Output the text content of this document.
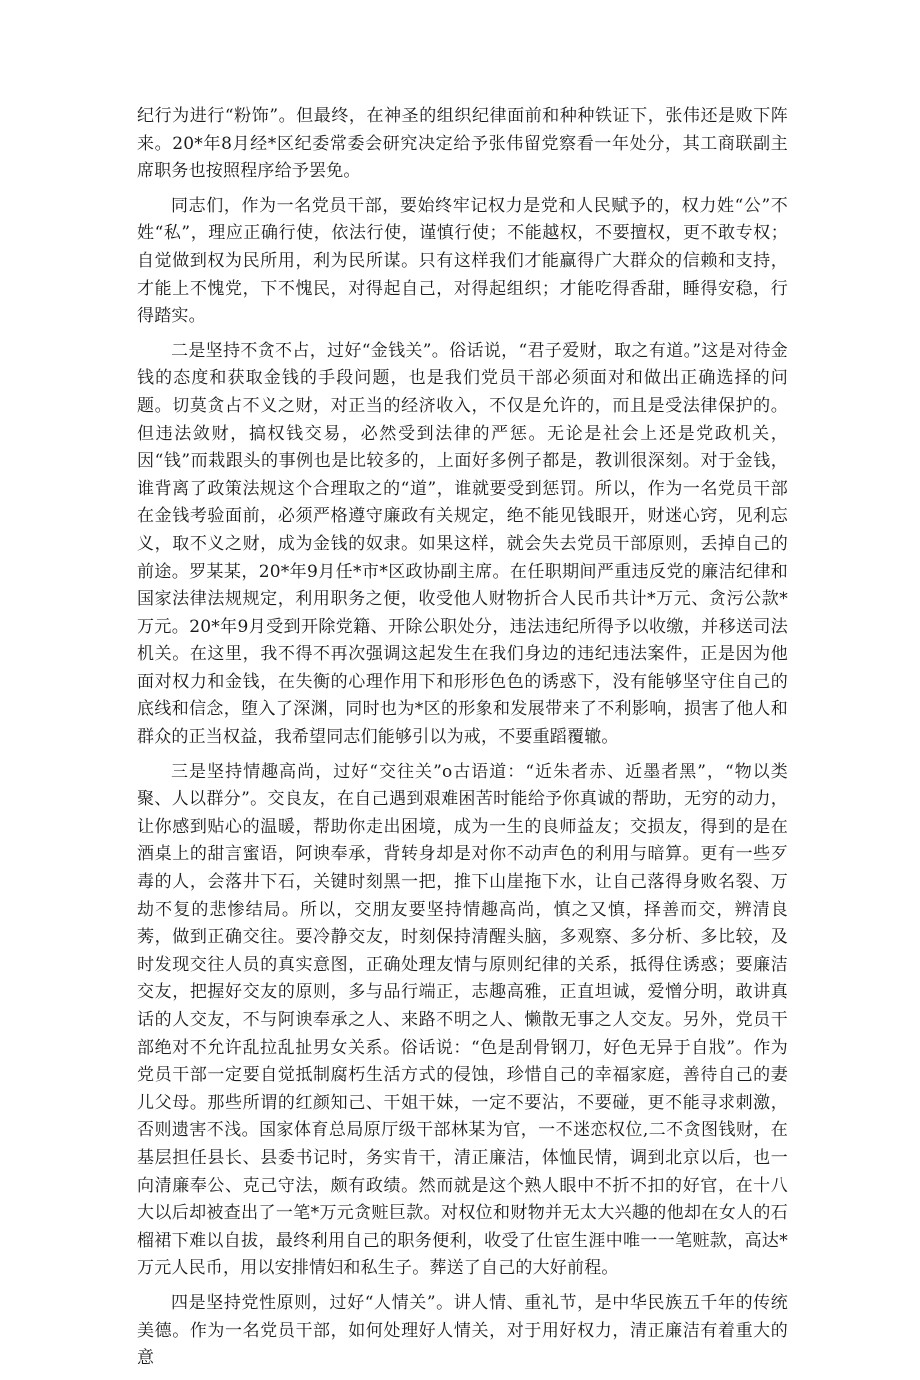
纪行为进行“粉饰”。但最终，在神圣的组织纪律面前和种种铁证下，张伟还是败下阵来。20*年8月经*区纪委常委会研究决定给予张伟留党察看一年处分，其工商联副主席职务也按照程序给予罢免。

同志们，作为一名党员干部，要始终牢记权力是党和人民赋予的，权力姓“公”不姓“私”，理应正确行使，依法行使，谨慎行使；不能越权，不要擅权，更不敢专权；自觉做到权为民所用，利为民所谋。只有这样我们才能赢得广大群众的信赖和支持，才能上不愧党，下不愧民，对得起自己，对得起组织；才能吃得香甜，睡得安稳，行得踏实。

二是坚持不贪不占，过好“金钱关”。俗话说，“君子爱财，取之有道。”这是对待金钱的态度和获取金钱的手段问题，也是我们党员干部必须面对和做出正确选择的问题。切莫贪占不义之财，对正当的经济收入，不仅是允许的，而且是受法律保护的。但违法敛财，搞权钱交易，必然受到法律的严惩。无论是社会上还是党政机关，因“钱”而栽跟头的事例也是比较多的，上面好多例子都是，教训很深刻。对于金钱，谁背离了政策法规这个合理取之的“道”，谁就要受到惩罚。所以，作为一名党员干部在金钱考验面前，必须严格遵守廉政有关规定，绝不能见钱眼开，财迷心窍，见利忘义，取不义之财，成为金钱的奴隶。如果这样，就会失去党员干部原则，丢掉自己的前途。罗某某，20*年9月任*市*区政协副主席。在任职期间严重违反党的廉洁纪律和国家法律法规规定，利用职务之便，收受他人财物折合人民币共计*万元、贪污公款*万元。20*年9月受到开除党籍、开除公职处分，违法违纪所得予以收缴，并移送司法机关。在这里，我不得不再次强调这起发生在我们身边的违纪违法案件，正是因为他面对权力和金钱，在失衡的心理作用下和形形色色的诱惑下，没有能够坚守住自己的底线和信念，堕入了深渊，同时也为*区的形象和发展带来了不利影响，损害了他人和群众的正当权益，我希望同志们能够引以为戒，不要重蹈覆辙。

三是坚持情趣高尚，过好“交往关”o古语道：“近朱者赤、近墨者黑”，“物以类聚、人以群分”。交良友，在自己遇到艰难困苦时能给予你真诚的帮助，无穷的动力，让你感到贴心的温暖，帮助你走出困境，成为一生的良师益友；交损友，得到的是在酒桌上的甜言蜜语，阿谀奉承，背转身却是对你不动声色的利用与暗算。更有一些歹毒的人，会落井下石，关键时刻黑一把，推下山崖拖下水，让自己落得身败名裂、万劫不复的悲惨结局。所以，交朋友要坚持情趣高尚，慎之又慎，择善而交，辨清良莠，做到正确交往。要冷静交友，时刻保持清醒头脑，多观察、多分析、多比较，及时发现交往人员的真实意图，正确处理友情与原则纪律的关系，抵得住诱惑；要廉洁交友，把握好交友的原则，多与品行端正，志趣高雅，正直坦诚，爱憎分明，敢讲真话的人交友，不与阿谀奉承之人、来路不明之人、懒散无事之人交友。另外，党员干部绝对不允许乱拉乱扯男女关系。俗话说：“色是刮骨钢刀，好色无异于自戕”。作为党员干部一定要自觉抵制腐朽生活方式的侵蚀，珍惜自己的幸福家庭，善待自己的妻儿父母。那些所谓的红颜知己、干姐干妹，一定不要沾，不要碰，更不能寻求刺激，否则遗害不浅。国家体育总局原厅级干部林某为官，一不迷恋权位,二不贪图钱财，在基层担任县长、县委书记时，务实肯干，清正廉洁，体恤民情，调到北京以后，也一向清廉奉公、克己守法，颇有政绩。然而就是这个熟人眼中不折不扣的好官，在十八大以后却被查出了一笔*万元贪赃巨款。对权位和财物并无太大兴趣的他却在女人的石榴裙下难以自拔，最终利用自己的职务便利，收受了仕宦生涯中唯一一笔赃款，高达*万元人民币，用以安排情妇和私生子。葬送了自己的大好前程。

四是坚持党性原则，过好“人情关”。讲人情、重礼节，是中华民族五千年的传统美德。作为一名党员干部，如何处理好人情关，对于用好权力，清正廉洁有着重大的意
